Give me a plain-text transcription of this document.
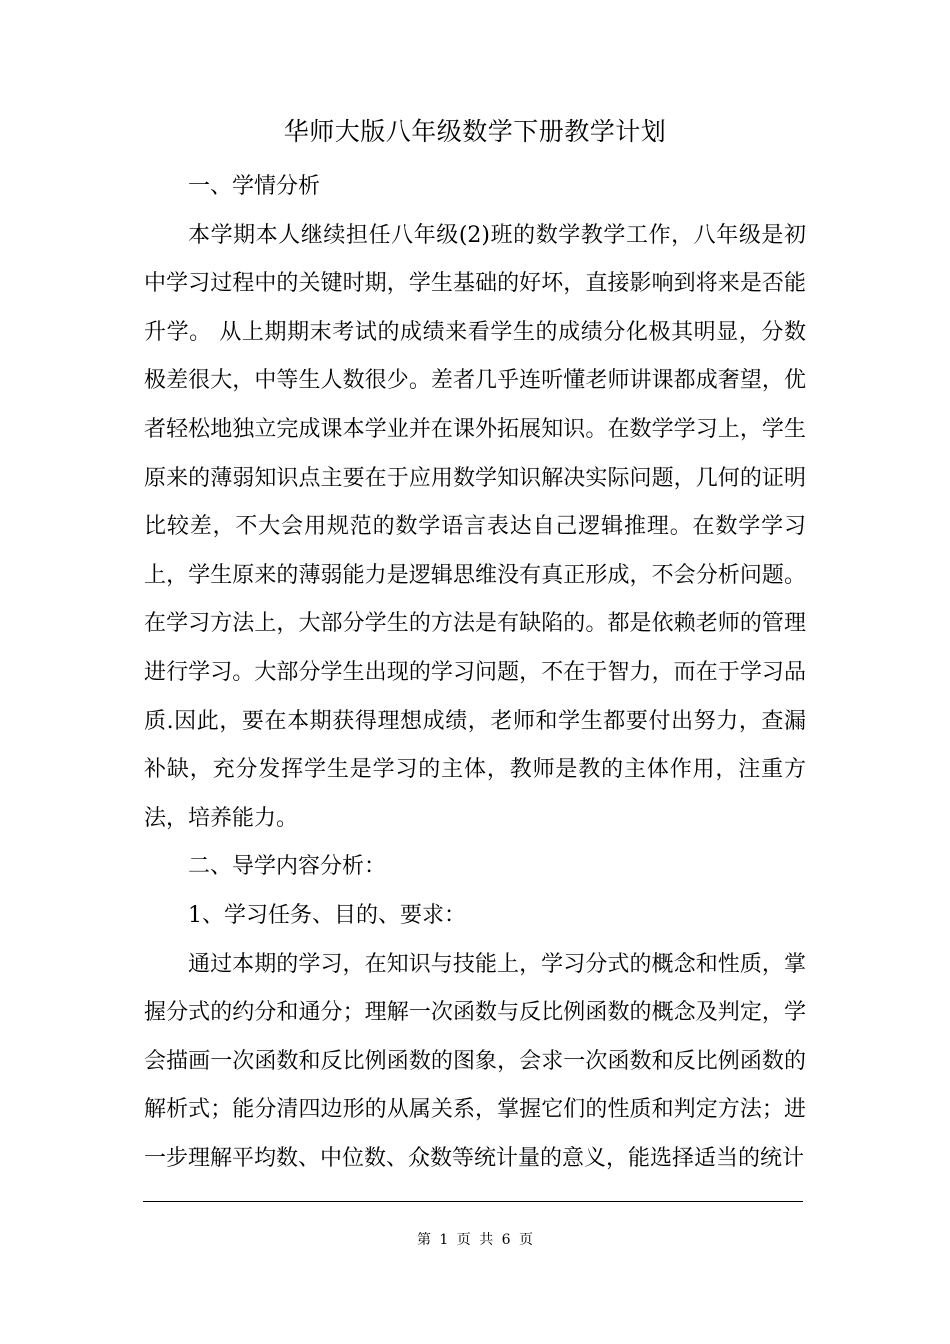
华师大版八年级数学下册教学计划

一、学情分析

本学期本人继续担任八年级(2)班的数学教学工作，八年级是初中学习过程中的关键时期，学生基础的好坏，直接影响到将来是否能升学。 从上期期末考试的成绩来看学生的成绩分化极其明显，分数极差很大，中等生人数很少。差者几乎连听懂老师讲课都成奢望，优者轻松地独立完成课本学业并在课外拓展知识。在数学学习上，学生原来的薄弱知识点主要在于应用数学知识解决实际问题，几何的证明比较差，不大会用规范的数学语言表达自己逻辑推理。在数学学习上，学生原来的薄弱能力是逻辑思维没有真正形成，不会分析问题。在学习方法上，大部分学生的方法是有缺陷的。都是依赖老师的管理进行学习。大部分学生出现的学习问题，不在于智力，而在于学习品质.因此，要在本期获得理想成绩，老师和学生都要付出努力，查漏补缺，充分发挥学生是学习的主体，教师是教的主体作用，注重方法，培养能力。

二、导学内容分析：

1、学习任务、目的、要求：

通过本期的学习，在知识与技能上，学习分式的概念和性质，掌握分式的约分和通分；理解一次函数与反比例函数的概念及判定，学会描画一次函数和反比例函数的图象，会求一次函数和反比例函数的解析式；能分清四边形的从属关系，掌握它们的性质和判定方法；进一步理解平均数、中位数、众数等统计量的意义，能选择适当的统计

第 1 页 共 6 页
